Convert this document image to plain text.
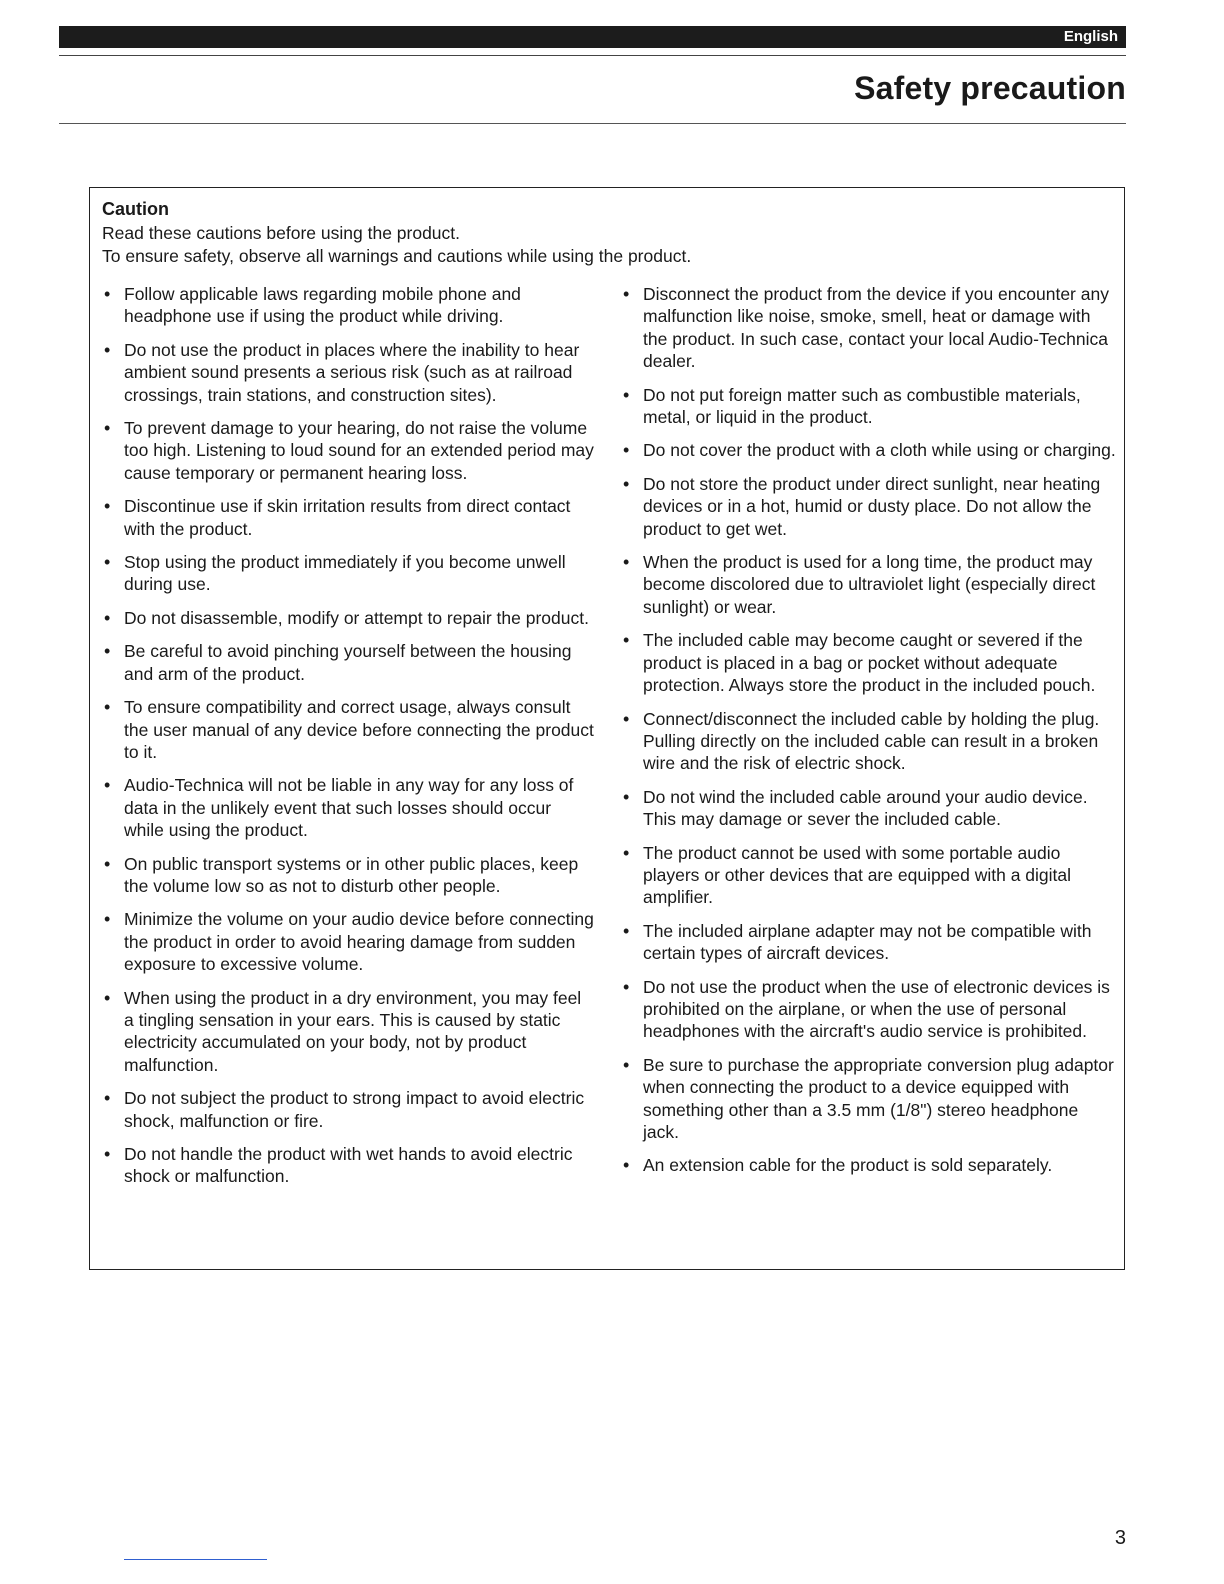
English
Safety precaution
Caution

Read these cautions before using the product.

To ensure safety, observe all warnings and cautions while using the product.

• Follow applicable laws regarding mobile phone and headphone use if using the product while driving.
• Do not use the product in places where the inability to hear ambient sound presents a serious risk (such as at railroad crossings, train stations, and construction sites).
• To prevent damage to your hearing, do not raise the volume too high. Listening to loud sound for an extended period may cause temporary or permanent hearing loss.
• Discontinue use if skin irritation results from direct contact with the product.
• Stop using the product immediately if you become unwell during use.
• Do not disassemble, modify or attempt to repair the product.
• Be careful to avoid pinching yourself between the housing and arm of the product.
• To ensure compatibility and correct usage, always consult the user manual of any device before connecting the product to it.
• Audio-Technica will not be liable in any way for any loss of data in the unlikely event that such losses should occur while using the product.
• On public transport systems or in other public places, keep the volume low so as not to disturb other people.
• Minimize the volume on your audio device before connecting the product in order to avoid hearing damage from sudden exposure to excessive volume.
• When using the product in a dry environment, you may feel a tingling sensation in your ears. This is caused by static electricity accumulated on your body, not by product malfunction.
• Do not subject the product to strong impact to avoid electric shock, malfunction or fire.
• Do not handle the product with wet hands to avoid electric shock or malfunction.
• Disconnect the product from the device if you encounter any malfunction like noise, smoke, smell, heat or damage with the product. In such case, contact your local Audio-Technica dealer.
• Do not put foreign matter such as combustible materials, metal, or liquid in the product.
• Do not cover the product with a cloth while using or charging.
• Do not store the product under direct sunlight, near heating devices or in a hot, humid or dusty place. Do not allow the product to get wet.
• When the product is used for a long time, the product may become discolored due to ultraviolet light (especially direct sunlight) or wear.
• The included cable may become caught or severed if the product is placed in a bag or pocket without adequate protection. Always store the product in the included pouch.
• Connect/disconnect the included cable by holding the plug.
Pulling directly on the included cable can result in a broken wire and the risk of electric shock.
• Do not wind the included cable around your audio device. This may damage or sever the included cable.
• The product cannot be used with some portable audio players or other devices that are equipped with a digital amplifier.
• The included airplane adapter may not be compatible with certain types of aircraft devices.
• Do not use the product when the use of electronic devices is prohibited on the airplane, or when the use of personal headphones with the aircraft's audio service is prohibited.
• Be sure to purchase the appropriate conversion plug adaptor when connecting the product to a device equipped with something other than a 3.5 mm (1/8") stereo headphone jack.
• An extension cable for the product is sold separately.

3
